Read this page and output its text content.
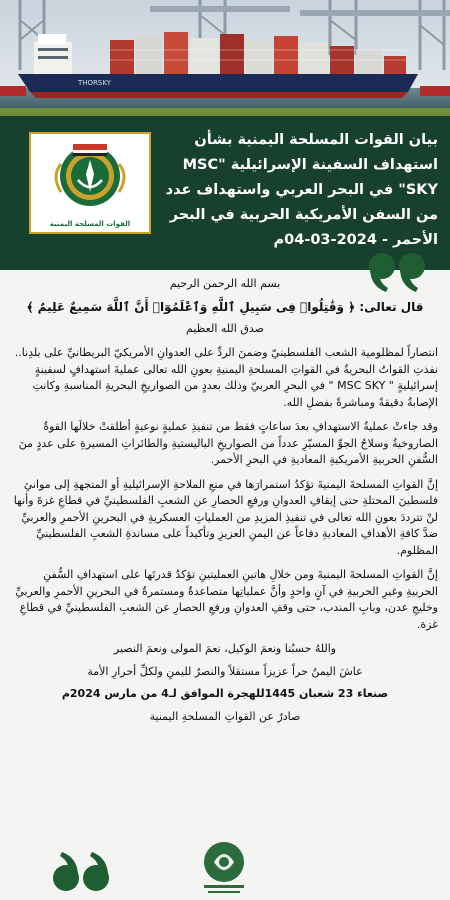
THORSKY
القوات المسلحة اليمنية
بيان القوات المسلحة اليمنية بشأن استهداف السفينة الإسرائيلية "MSC SKY" في البحر العربي واستهداف عدد من السفن الأمريكية الحربية في البحر الأحمر - 2024-03-04م

بسم الله الرحمن الرحيم

قال تعالى: ﴿ وَقَٰتِلُوا۟ فِى سَبِيلِ ٱللَّهِ وَٱعْلَمُوٓا۟ أَنَّ ٱللَّهَ سَمِيعٌ عَلِيمٌ ﴾

صدق الله العظيم

انتصاراً لمظلومية الشعب الفلسطينيّ وضمنَ الردِّ على العدوانِ الأمريكيّ البريطانيِّ على بلدِنا.. نفذتِ القواتُ البحريةُ في القواتِ المسلحةِ اليمنيةِ بعونِ الله تعالى عمليةَ استهدافٍ لسفينةٍ إسرائيليةٍ " MSC SKY " في البحرِ العربيّ وذلك بعددٍ من الصواريخِ البحريةِ المناسبةِ وكانتِ الإصابةُ دقيقةً ومباشرةً بفضلِ الله.

وقد جاءتْ عمليةُ الاستهدافِ بعدَ ساعاتٍ فقط من تنفيذِ عمليةٍ نوعيةٍ أطلقتْ خلالَها القوةُ الصاروخيةُ وسلاحُ الجوِّ المسيّرِ عدداً من الصواريخِ الباليستيةِ والطائراتِ المسيرةِ على عددٍ منَ السُّفنِ الحربيةِ الأمريكيةِ المعاديةِ في البحرِ الأحمر.

إنَّ القواتِ المسلحةَ اليمنيةَ تؤكدُ استمرارَها في منعِ الملاحةِ الإسرائيليةِ أو المتجهةِ إلى موانئِ فلسطينَ المحتلةِ حتى إيقافِ العدوانِ ورفعِ الحصارِ عن الشعبِ الفلسطينيِّ في قطاعِ غزةَ وأنها لنْ تترددَ بعونِ الله تعالى في تنفيذِ المزيدِ من العملياتِ العسكريةِ في البحرينِ الأحمرِ والعربيِّ ضدَّ كافةِ الأهدافِ المعاديةِ دفاعاً عن اليمنِ العزيزِ وتأكيداً على مساندةِ الشعبِ الفلسطينيِّ المظلوم.

إنَّ القواتِ المسلحةَ اليمنيةَ ومن خلالِ هاتينِ العمليتينِ تؤكدُ قدرتَها على استهدافِ السُّفنِ الحربيةِ وغيرِ الحربيةِ في آنٍ واحدٍ وأنَّ عملياتِها متصاعدةٌ ومستمرةٌ في البحرينِ الأحمرِ والعربيِّ وخليجِ عدن، وبابِ المندب، حتى وقفِ العدوانِ ورفعِ الحصارِ عن الشعبِ الفلسطينيِّ في قطاعِ غزة.

واللهُ حسبُنا ونعمَ الوكيل، نعمَ المولى ونعمَ النصير

عاشَ اليمنُ حراً عزيزاً مستقلاً والنصرُ لليمنِ ولكلِّ أحرارِ الأمة

صنعاء 23 شعبان 1445للهجرة الموافق لـ4 من مارس 2024م

صادرٌ عن القواتِ المسلحةِ اليمنية
